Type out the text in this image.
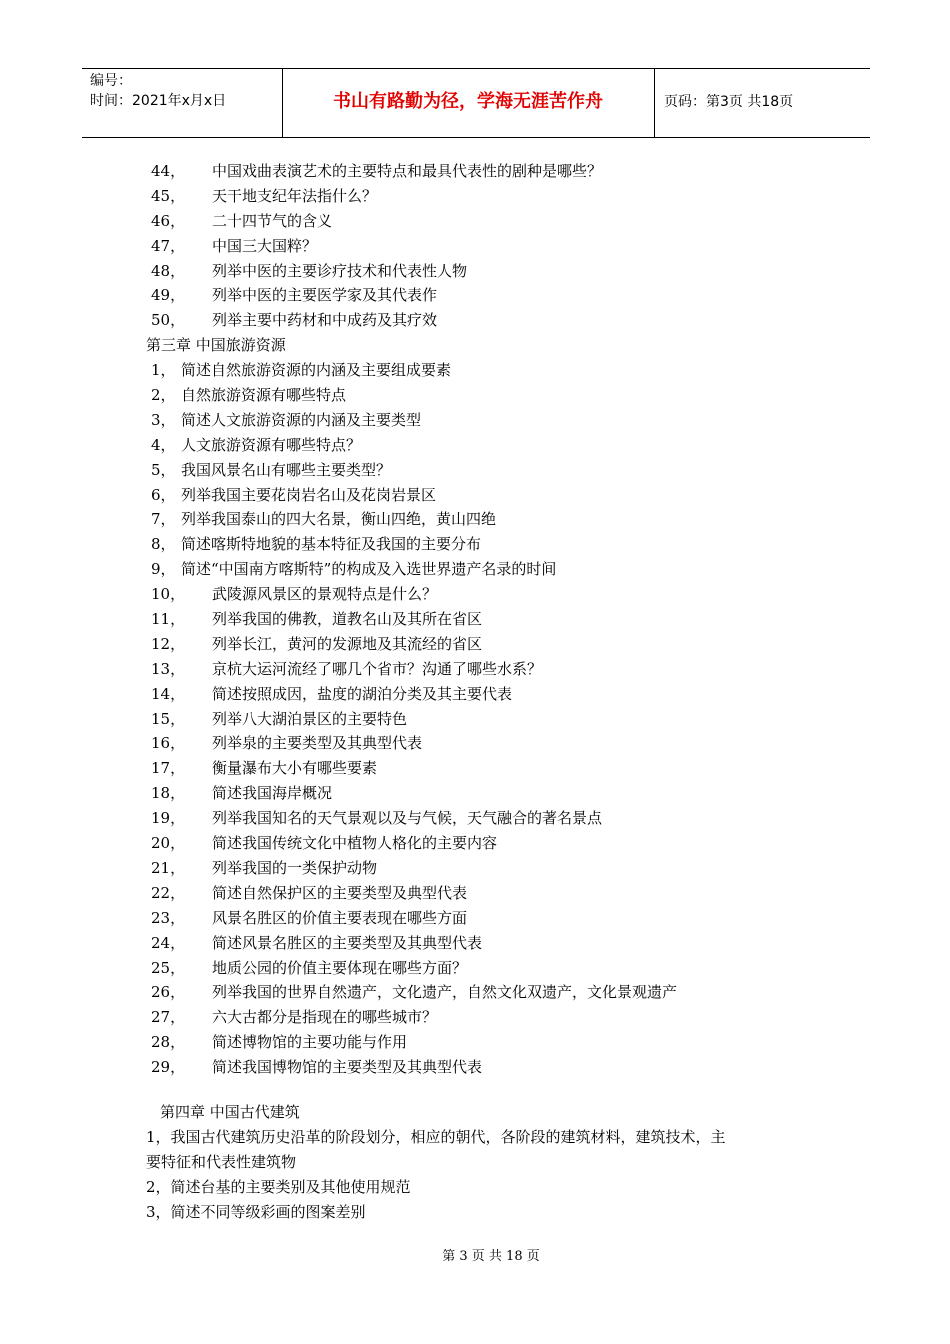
编号：
时间：2021年x月x日	书山有路勤为径，学海无涯苦作舟	页码：第3页 共18页
44， 中国戏曲表演艺术的主要特点和最具代表性的剧种是哪些？
45， 天干地支纪年法指什么？
46， 二十四节气的含义
47， 中国三大国粹？
48， 列举中医的主要诊疗技术和代表性人物
49， 列举中医的主要医学家及其代表作
50， 列举主要中药材和中成药及其疗效
第三章 中国旅游资源
1， 简述自然旅游资源的内涵及主要组成要素
2， 自然旅游资源有哪些特点
3， 简述人文旅游资源的内涵及主要类型
4， 人文旅游资源有哪些特点？
5， 我国风景名山有哪些主要类型？
6， 列举我国主要花岗岩名山及花岗岩景区
7， 列举我国泰山的四大名景，衡山四绝，黄山四绝
8， 简述喀斯特地貌的基本特征及我国的主要分布
9， 简述“中国南方喀斯特”的构成及入选世界遗产名录的时间
10， 武陵源风景区的景观特点是什么？
11， 列举我国的佛教，道教名山及其所在省区
12， 列举长江，黄河的发源地及其流经的省区
13， 京杭大运河流经了哪几个省市？沟通了哪些水系？
14， 简述按照成因，盐度的湖泊分类及其主要代表
15， 列举八大湖泊景区的主要特色
16， 列举泉的主要类型及其典型代表
17， 衡量瀑布大小有哪些要素
18， 简述我国海岸概况
19， 列举我国知名的天气景观以及与气候，天气融合的著名景点
20， 简述我国传统文化中植物人格化的主要内容
21， 列举我国的一类保护动物
22， 简述自然保护区的主要类型及典型代表
23， 风景名胜区的价值主要表现在哪些方面
24， 简述风景名胜区的主要类型及其典型代表
25， 地质公园的价值主要体现在哪些方面？
26， 列举我国的世界自然遗产，文化遗产，自然文化双遗产，文化景观遗产
27， 六大古都分是指现在的哪些城市？
28， 简述博物馆的主要功能与作用
29， 简述我国博物馆的主要类型及其典型代表
第四章 中国古代建筑
1，我国古代建筑历史沿革的阶段划分，相应的朝代，各阶段的建筑材料，建筑技术，主
要特征和代表性建筑物
2，简述台基的主要类别及其他使用规范
3，简述不同等级彩画的图案差别
第 3 页 共 18 页
